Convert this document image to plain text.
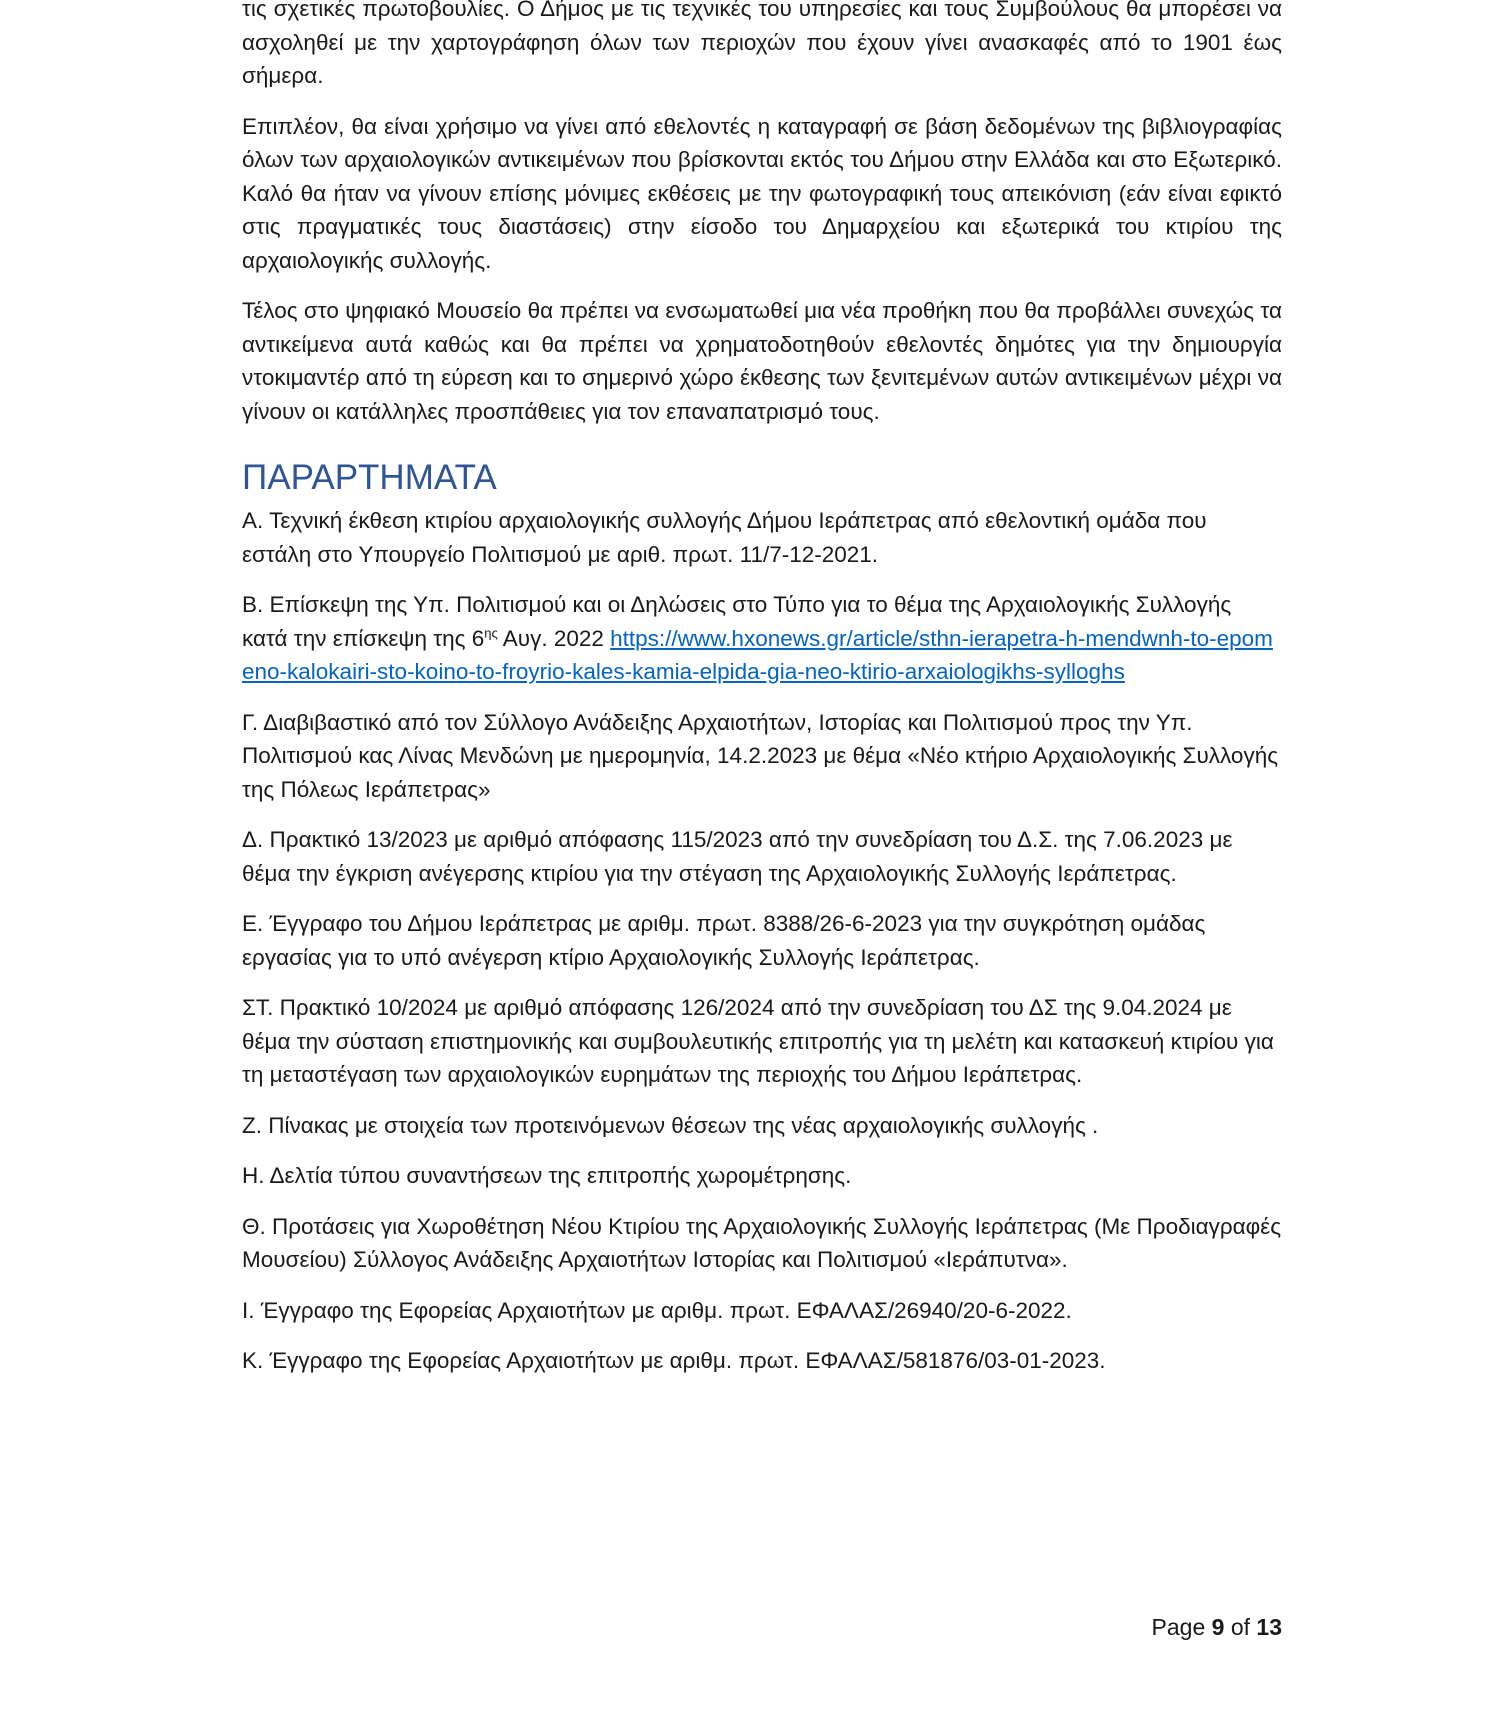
τις σχετικές πρωτοβουλίες. Ο Δήμος με τις τεχνικές του υπηρεσίες και τους Συμβούλους θα μπορέσει να ασχοληθεί με την χαρτογράφηση όλων των περιοχών που έχουν γίνει ανασκαφές από το 1901 έως σήμερα.

Επιπλέον, θα είναι χρήσιμο να γίνει από εθελοντές η καταγραφή σε βάση δεδομένων της βιβλιογραφίας όλων των αρχαιολογικών αντικειμένων που βρίσκονται εκτός του Δήμου στην Ελλάδα και στο Εξωτερικό. Καλό θα ήταν να γίνουν επίσης μόνιμες εκθέσεις με την φωτογραφική τους απεικόνιση (εάν είναι εφικτό στις πραγματικές τους διαστάσεις) στην είσοδο του Δημαρχείου και εξωτερικά του κτιρίου της αρχαιολογικής συλλογής.

Τέλος στο ψηφιακό Μουσείο θα πρέπει να ενσωματωθεί μια νέα προθήκη που θα προβάλλει συνεχώς τα αντικείμενα αυτά καθώς και θα πρέπει να χρηματοδοτηθούν εθελοντές δημότες για την δημιουργία ντοκιμαντέρ από τη εύρεση και το σημερινό χώρο έκθεσης των ξενιτεμένων αυτών αντικειμένων μέχρι να γίνουν οι κατάλληλες προσπάθειες για τον επαναπατρισμό τους.

ΠΑΡΑΡΤΗΜΑΤΑ

Α. Τεχνική έκθεση κτιρίου αρχαιολογικής συλλογής Δήμου Ιεράπετρας από εθελοντική ομάδα που εστάλη στο Υπουργείο Πολιτισμού με αριθ. πρωτ. 11/7-12-2021.

Β. Επίσκεψη της Υπ. Πολιτισμού και οι Δηλώσεις στο Τύπο για το θέμα της Αρχαιολογικής Συλλογής κατά την επίσκεψη της $6^{\eta\varsigma}$ Αυγ. 2022 https://www.hxonews.gr/article/sthn-ierapetra-h-mendwnh-to-epomeno-kalokairi-sto-koino-to-froyrio-kales-kamia-elpida-gia-neo-ktirio-arxaiologikhs-sylloghs

Γ. Διαβιβαστικό από τον Σύλλογο Ανάδειξης Αρχαιοτήτων, Ιστορίας και Πολιτισμού προς την Υπ. Πολιτισμού κας Λίνας Μενδώνη με ημερομηνία, 14.2.2023 με θέμα «Νέο κτήριο Αρχαιολογικής Συλλογής της Πόλεως Ιεράπετρας»

Δ. Πρακτικό 13/2023 με αριθμό απόφασης 115/2023 από την συνεδρίαση του Δ.Σ. της 7.06.2023 με θέμα την έγκριση ανέγερσης κτιρίου για την στέγαση της Αρχαιολογικής Συλλογής Ιεράπετρας.

Ε. Έγγραφο του Δήμου Ιεράπετρας με αριθμ. πρωτ. 8388/26-6-2023 για την συγκρότηση ομάδας εργασίας για το υπό ανέγερση κτίριο Αρχαιολογικής Συλλογής Ιεράπετρας.

ΣΤ. Πρακτικό 10/2024 με αριθμό απόφασης 126/2024 από την συνεδρίαση του ΔΣ της 9.04.2024 με θέμα την σύσταση επιστημονικής και συμβουλευτικής επιτροπής για τη μελέτη και κατασκευή κτιρίου για τη μεταστέγαση των αρχαιολογικών ευρημάτων της περιοχής του Δήμου Ιεράπετρας.

Ζ. Πίνακας με στοιχεία των προτεινόμενων θέσεων της νέας αρχαιολογικής συλλογής .

Η. Δελτία τύπου συναντήσεων της επιτροπής χωρομέτρησης.

Θ. Προτάσεις για Χωροθέτηση Νέου Κτιρίου της Αρχαιολογικής Συλλογής Ιεράπετρας (Με Προδιαγραφές Μουσείου) Σύλλογος Ανάδειξης Αρχαιοτήτων Ιστορίας και Πολιτισμού «Ιεράπυτνα».

Ι. Έγγραφο της Εφορείας Αρχαιοτήτων με αριθμ. πρωτ. ΕΦΑΛΑΣ/26940/20-6-2022.

Κ. Έγγραφο της Εφορείας Αρχαιοτήτων με αριθμ. πρωτ. ΕΦΑΛΑΣ/581876/03-01-2023.

Page 9 of 13
